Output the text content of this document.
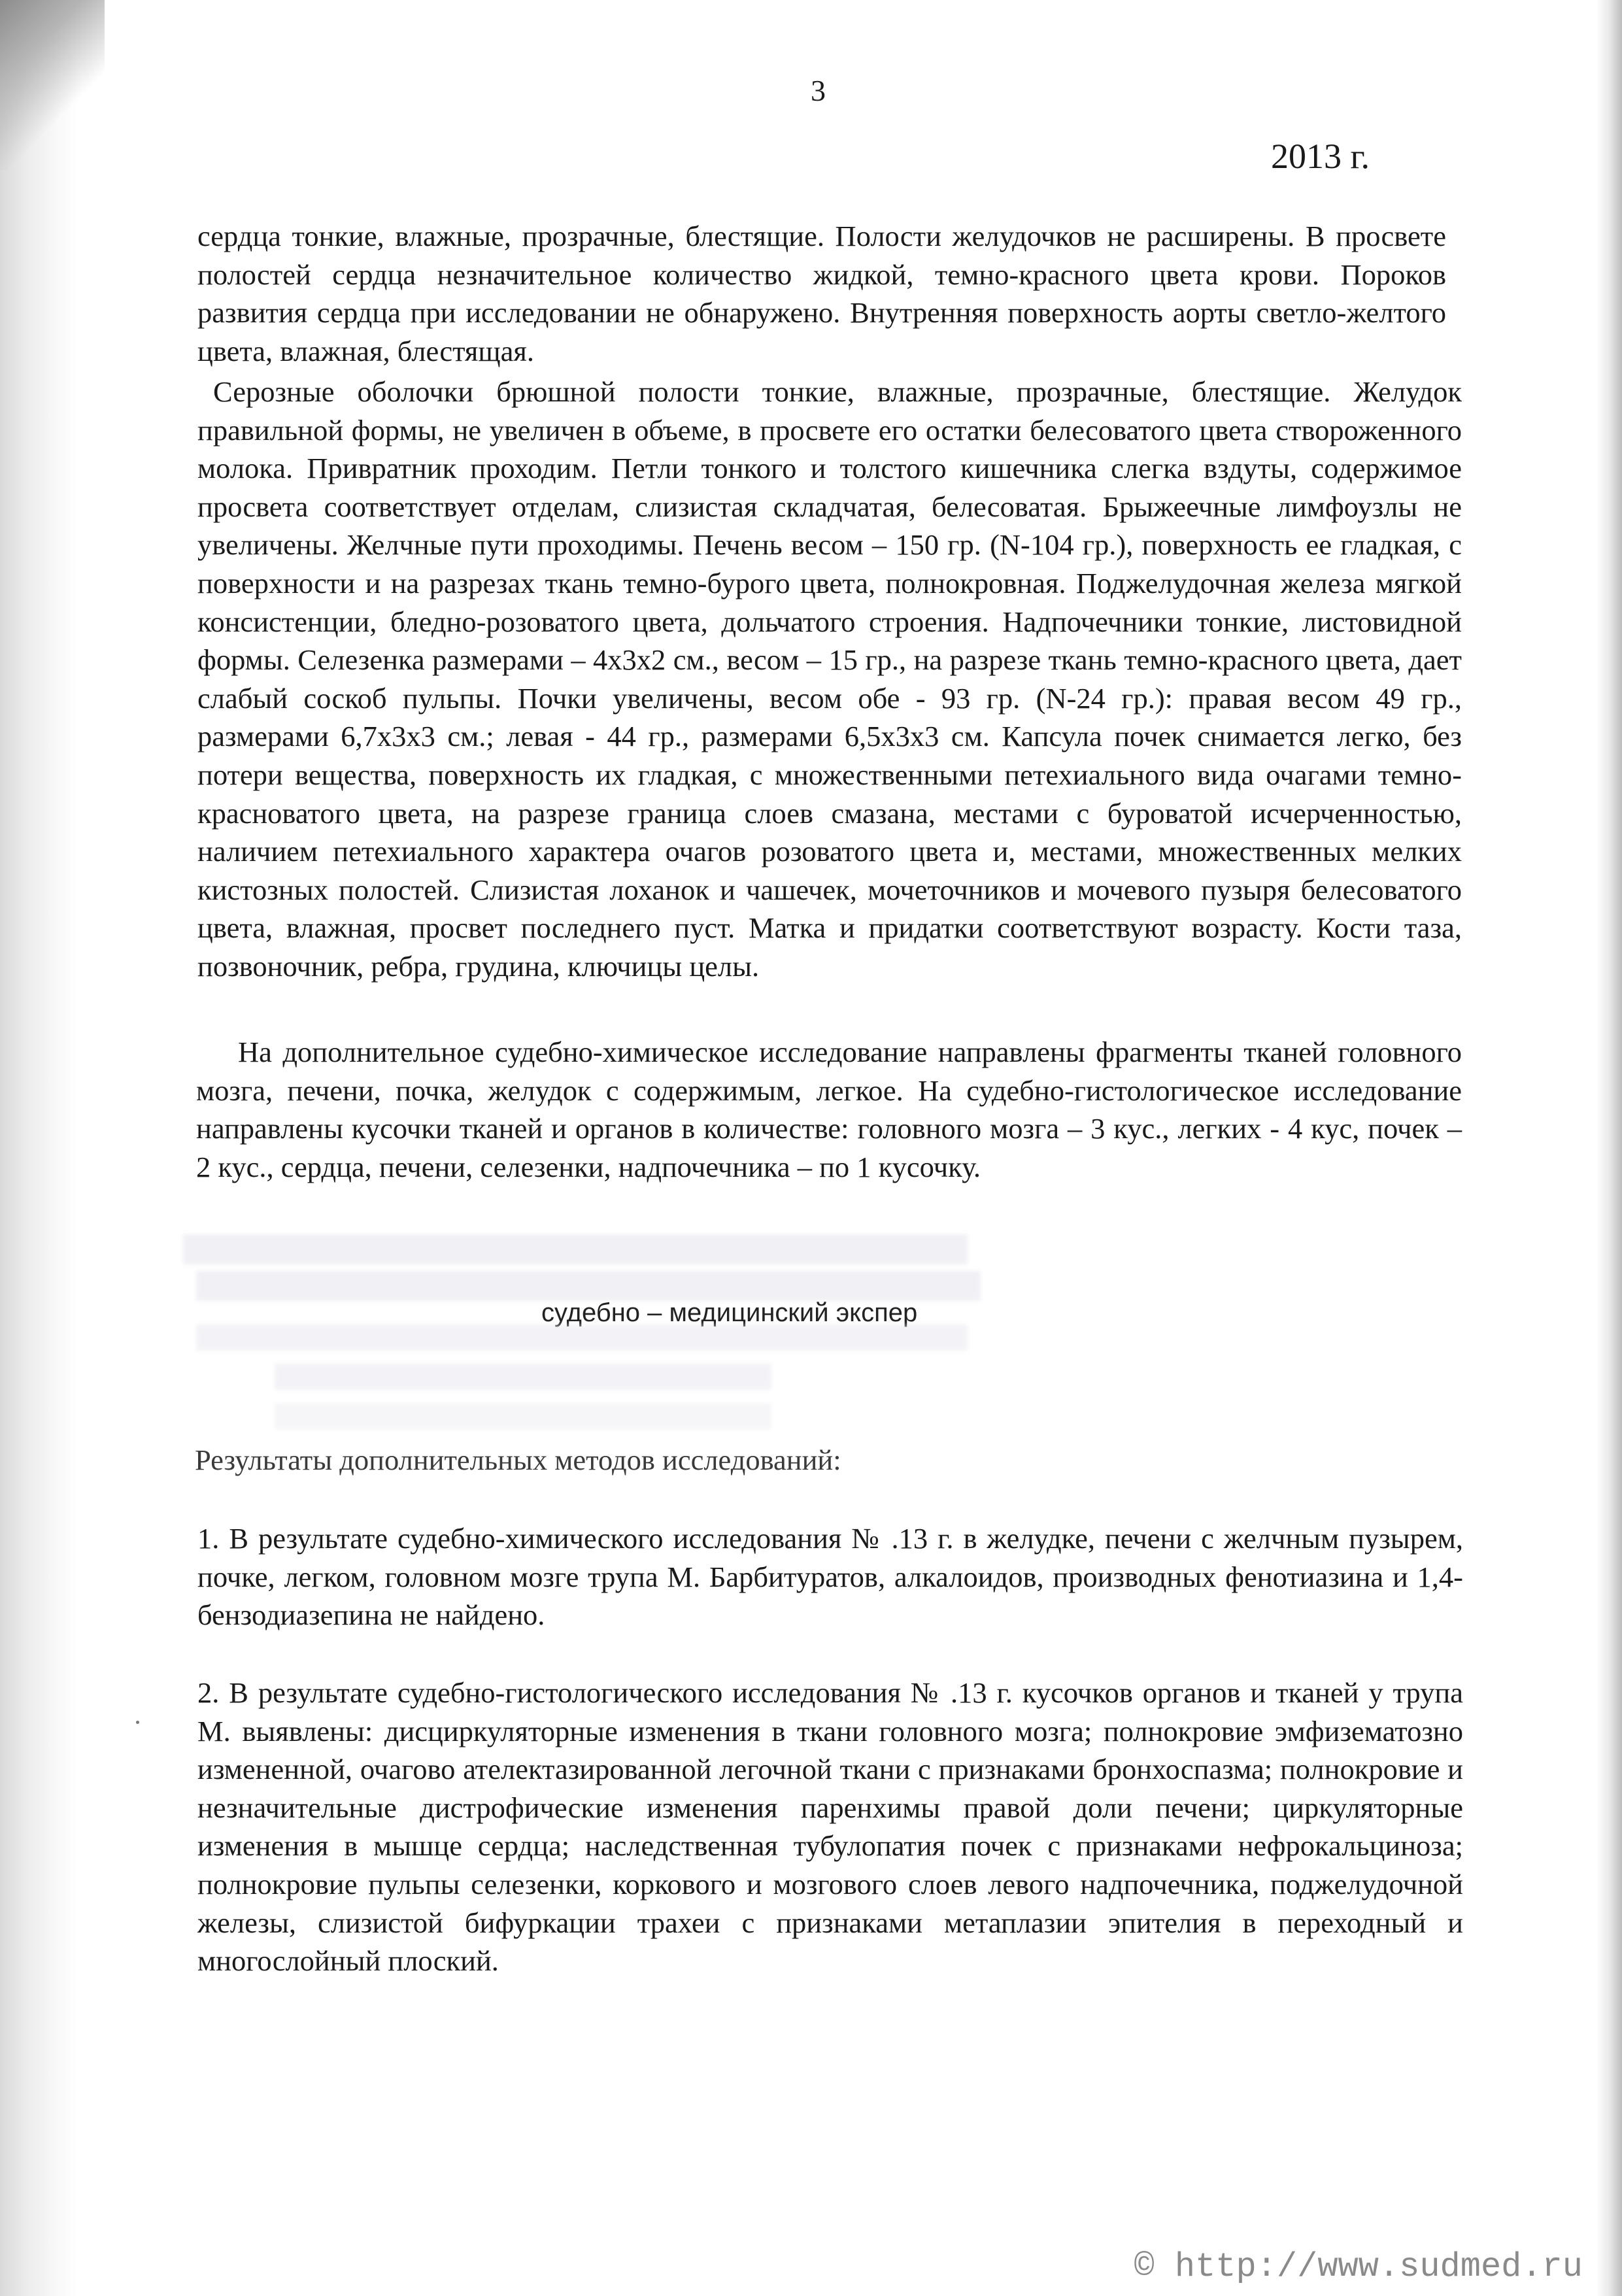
3
2013 г.

сердца тонкие, влажные, прозрачные, блестящие. Полости желудочков не расширены. В просвете полостей сердца незначительное количество жидкой, темно-красного цвета крови. Пороков развития сердца при исследовании не обнаружено. Внутренняя поверхность аорты светло-желтого цвета, влажная, блестящая.

Серозные оболочки брюшной полости тонкие, влажные, прозрачные, блестящие. Желудок правильной формы, не увеличен в объеме, в просвете его остатки белесоватого цвета створоженного молока. Привратник проходим. Петли тонкого и толстого кишечника слегка вздуты, содержимое просвета соответствует отделам, слизистая складчатая, белесоватая. Брыжеечные лимфоузлы не увеличены. Желчные пути проходимы. Печень весом – 150 гр. (N-104 гр.), поверхность ее гладкая, с поверхности и на разрезах ткань темно-бурого цвета, полнокровная. Поджелудочная железа мягкой консистенции, бледно-розоватого цвета, дольчатого строения. Надпочечники тонкие, листовидной формы. Селезенка размерами – 4х3х2 см., весом – 15 гр., на разрезе ткань темно-красного цвета, дает слабый соскоб пульпы. Почки увеличены, весом обе - 93 гр. (N-24 гр.): правая весом 49 гр., размерами 6,7х3х3 см.; левая - 44 гр., размерами 6,5х3х3 см. Капсула почек снимается легко, без потери вещества, поверхность их гладкая, с множественными петехиального вида очагами темно-красноватого цвета, на разрезе граница слоев смазана, местами с буроватой исчерченностью, наличием петехиального характера очагов розоватого цвета и, местами, множественных мелких кистозных полостей. Слизистая лоханок и чашечек, мочеточников и мочевого пузыря белесоватого цвета, влажная, просвет последнего пуст. Матка и придатки соответствуют возрасту. Кости таза, позвоночник, ребра, грудина, ключицы целы.

На дополнительное судебно-химическое исследование направлены фрагменты тканей головного мозга, печени, почка, желудок с содержимым, легкое. На судебно-гистологическое исследование направлены кусочки тканей и органов в количестве: головного мозга – 3 кус., легких - 4 кус, почек – 2 кус., сердца, печени, селезенки, надпочечника – по 1 кусочку.

судебно – медицинский экспер

Результаты дополнительных методов исследований:

1. В результате судебно-химического исследования № .13 г. в желудке, печени с желчным пузырем, почке, легком, головном мозге трупа М. Барбитуратов, алкалоидов, производных фенотиазина и 1,4-бензодиазепина не найдено.

2. В результате судебно-гистологического исследования № .13 г. кусочков органов и тканей у трупа М. выявлены: дисциркуляторные изменения в ткани головного мозга; полнокровие эмфизематозно измененной, очагово ателектазированной легочной ткани с признаками бронхоспазма; полнокровие и незначительные дистрофические изменения паренхимы правой доли печени; циркуляторные изменения в мышце сердца; наследственная тубулопатия почек с признаками нефрокальциноза; полнокровие пульпы селезенки, коркового и мозгового слоев левого надпочечника, поджелудочной железы, слизистой бифуркации трахеи с признаками метаплазии эпителия в переходный и многослойный плоский.

© http://www.sudmed.ru
